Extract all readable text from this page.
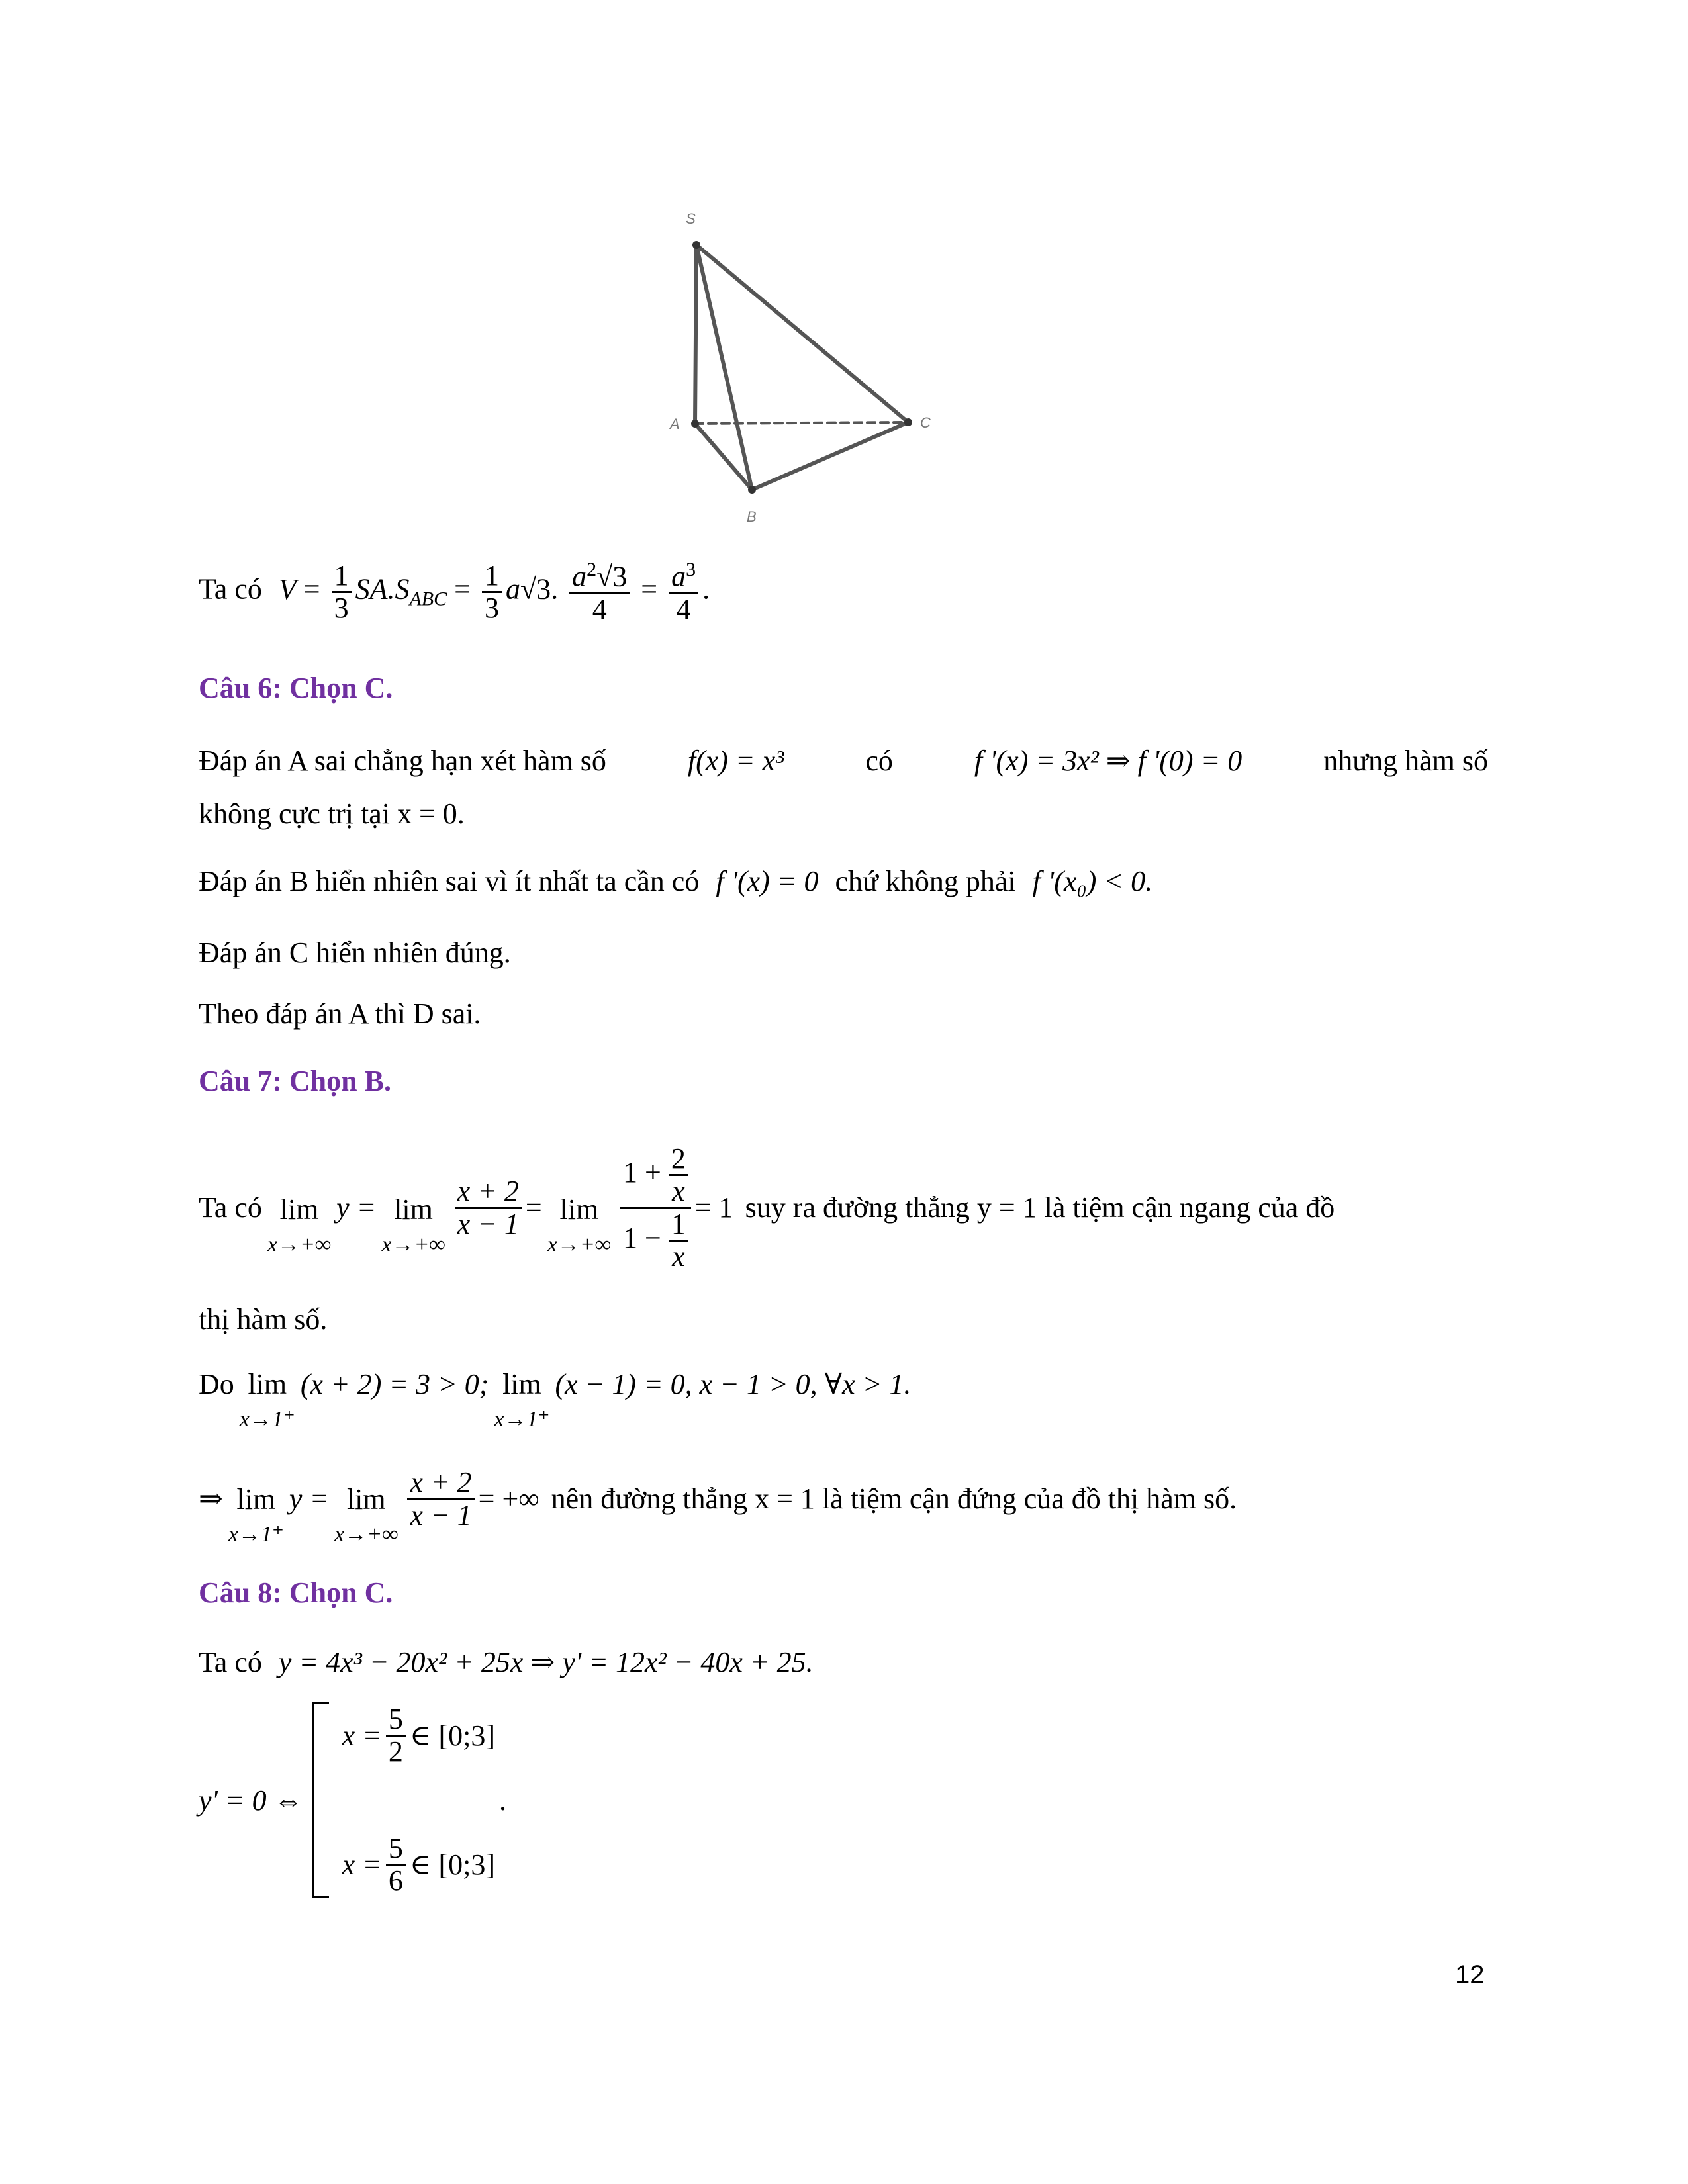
S
A
B
C
Ta có $V = \frac{1}{3} SA.S_{ABC} = \frac{1}{3} a√3$. $\frac{a^2√3}{4} = \frac{a^3}{4}$ .
Câu 6: Chọn C.
Đáp án A sai chẳng hạn xét hàm số	f(x) = x³	có	f '(x) = 3x² ⇒ f '(0) = 0	nhưng hàm số
không cực trị tại x = 0.
Đáp án B hiển nhiên sai vì ít nhất ta cần có f '(x) = 0 chứ không phải f '(x₀) < 0.
Đáp án C hiển nhiên đúng.
Theo đáp án A thì D sai.
Câu 7: Chọn B.
Ta có lim
x→+∞
y = lim
x→+∞
$\frac{x + 2}{x - 1} = \lim$
$x\to+\infty \frac{1 + \frac{2}{x}}{1 - \frac{1}{x}} = 1$ suy ra đường thẳng y = 1 là tiệm cận ngang của đồ
thị hàm số.
Do lim
x→1⁺
(x + 2) = 3 > 0; lim
x→1⁺
(x − 1) = 0, x − 1 > 0, ∀x > 1.
⇒ lim
x→1⁺
y = lim
x→+∞
$\frac{x + 2}{x - 1}$ = +∞ nên đường thẳng x = 1 là tiệm cận đứng của đồ thị hàm số.
Câu 8: Chọn C.
Ta có y = 4x³ − 20x² + 25x ⇒ y' = 12x² − 40x + 25.
y' = 0 ⇔
$x = \frac{5}{2}$ ∈ [0;3]
$x = \frac{5}{6}$ ∈ [0;3]
.
12
